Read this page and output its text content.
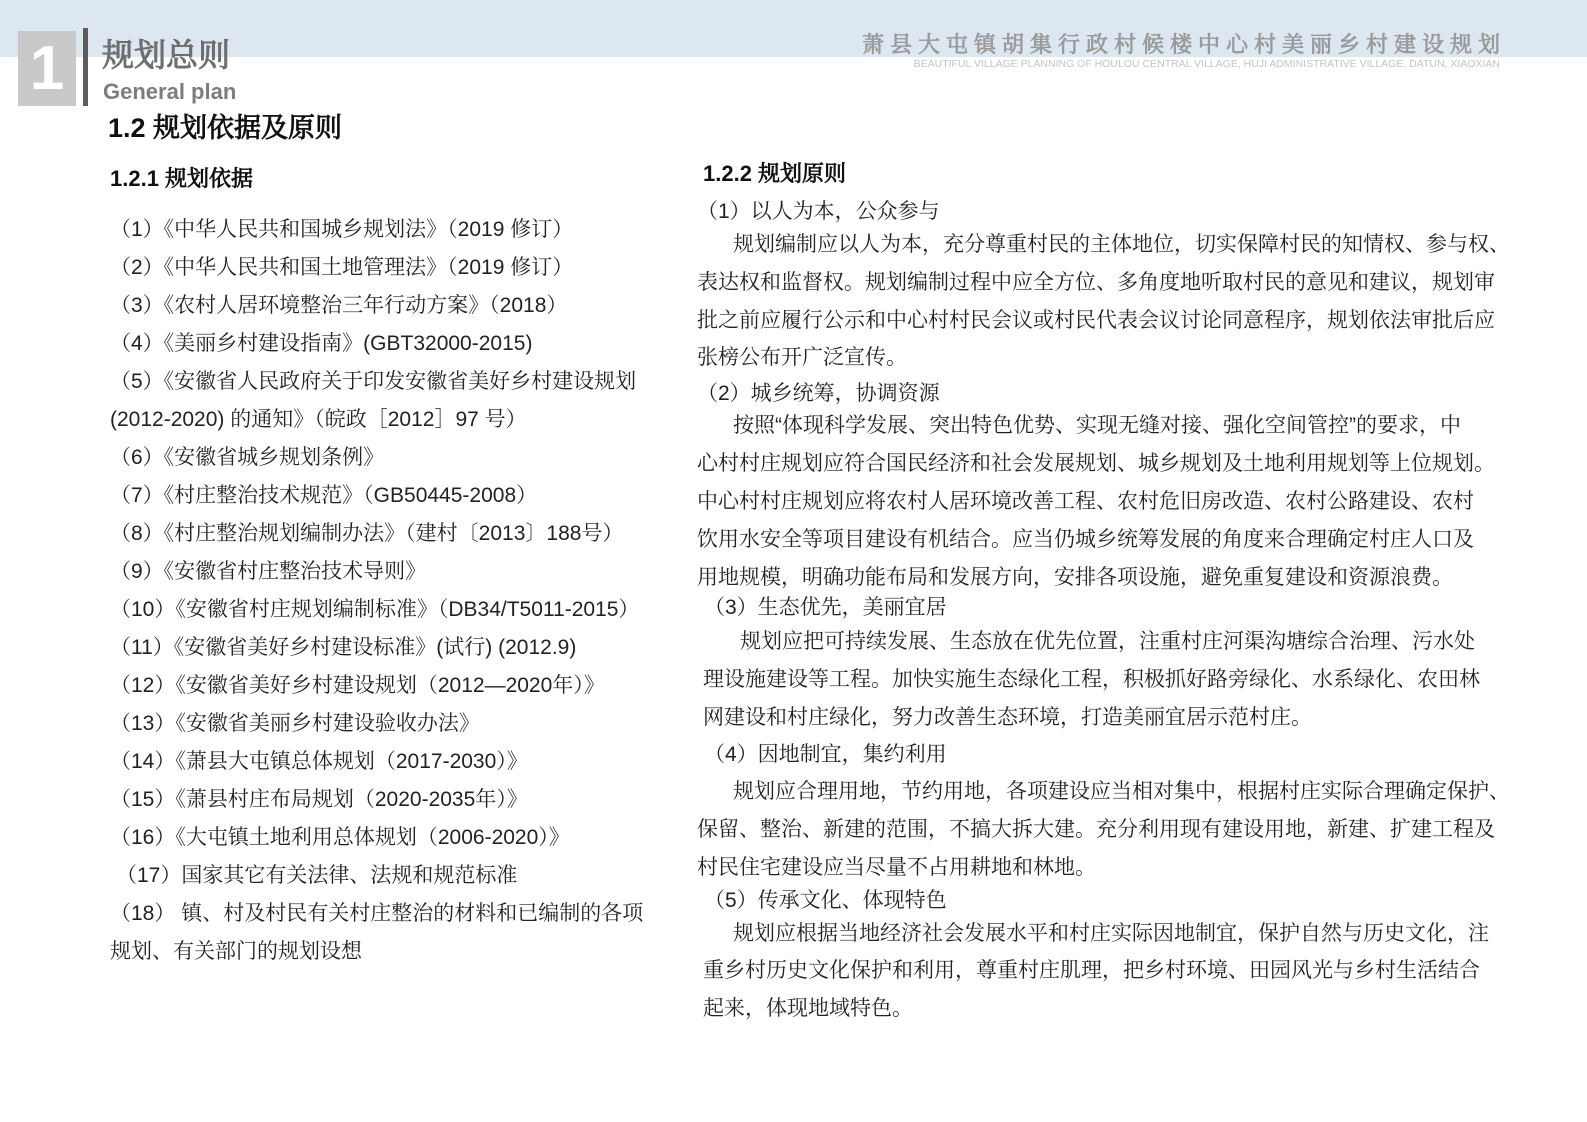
1	规划总则
General plan
萧县大屯镇胡集行政村候楼中心村美丽乡村建设规划
BEAUTIFUL VILLAGE PLANNING OF HOULOU CENTRAL VILLAGE, HUJI ADMINISTRATIVE VILLAGE, DATUN, XIAOXIAN
1.2 规划依据及原则
1.2.1 规划依据
（1）《中华人民共和国城乡规划法》（2019 修订）
（2）《中华人民共和国土地管理法》（2019 修订）
（3）《农村人居环境整治三年行动方案》（2018）
（4）《美丽乡村建设指南》(GBT32000-2015)
（5）《安徽省人民政府关于印发安徽省美好乡村建设规划
(2012-2020) 的通知》（皖政［2012］97 号）
（6）《安徽省城乡规划条例》
（7）《村庄整治技术规范》（GB50445-2008）
（8）《村庄整治规划编制办法》（建村〔2013〕188号）
（9）《安徽省村庄整治技术导则》
（10）《安徽省村庄规划编制标准》（DB34/T5011-2015）
（11）《安徽省美好乡村建设标准》(试行) (2012.9)
（12）《安徽省美好乡村建设规划（2012—2020年）》
（13）《安徽省美丽乡村建设验收办法》
（14）《萧县大屯镇总体规划（2017-2030）》
（15）《萧县村庄布局规划（2020-2035年）》
（16）《大屯镇土地利用总体规划（2006-2020）》
（17）国家其它有关法律、法规和规范标准
（18） 镇、村及村民有关村庄整治的材料和已编制的各项
规划、有关部门的规划设想
1.2.2 规划原则
（1）以人为本，公众参与
规划编制应以人为本，充分尊重村民的主体地位，切实保障村民的知情权、参与权、
表达权和监督权。规划编制过程中应全方位、多角度地听取村民的意见和建议，规划审
批之前应履行公示和中心村村民会议或村民代表会议讨论同意程序，规划依法审批后应
张榜公布开广泛宣传。
（2）城乡统筹，协调资源
按照“体现科学发展、突出特色优势、实现无缝对接、强化空间管控”的要求，中
心村村庄规划应符合国民经济和社会发展规划、城乡规划及土地利用规划等上位规划。
中心村村庄规划应将农村人居环境改善工程、农村危旧房改造、农村公路建设、农村
饮用水安全等项目建设有机结合。应当仍城乡统筹发展的角度来合理确定村庄人口及
用地规模，明确功能布局和发展方向，安排各项设施，避免重复建设和资源浪费。
（3）生态优先，美丽宜居
规划应把可持续发展、生态放在优先位置，注重村庄河渠沟塘综合治理、污水处
理设施建设等工程。加快实施生态绿化工程，积极抓好路旁绿化、水系绿化、农田林
网建设和村庄绿化，努力改善生态环境，打造美丽宜居示范村庄。
（4）因地制宜，集约利用
规划应合理用地，节约用地，各项建设应当相对集中，根据村庄实际合理确定保护、
保留、整治、新建的范围，不搞大拆大建。充分利用现有建设用地，新建、扩建工程及
村民住宅建设应当尽量不占用耕地和林地。
（5）传承文化、体现特色
规划应根据当地经济社会发展水平和村庄实际因地制宜，保护自然与历史文化，注
重乡村历史文化保护和利用，尊重村庄肌理，把乡村环境、田园风光与乡村生活结合
起来，体现地域特色。
